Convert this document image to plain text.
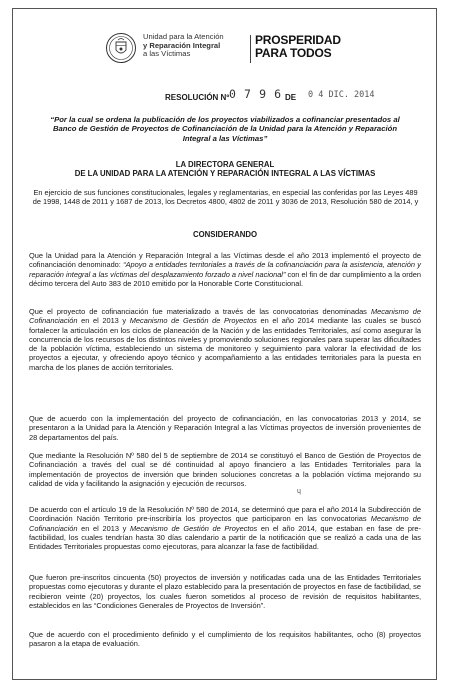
Unidad para la Atención
y Reparación Integral
a las Víctimas
PROSPERIDAD
PARA TODOS
RESOLUCIÓN Nº 0 7 9 6 DE 0 4 DIC. 2014
“Por la cual se ordena la publicación de los proyectos viabilizados a cofinanciar presentados al Banco de Gestión de Proyectos de Cofinanciación de la Unidad para la Atención y Reparación Integral a las Víctimas”
LA DIRECTORA GENERAL
DE LA UNIDAD PARA LA ATENCIÓN Y REPARACIÓN INTEGRAL A LAS VÍCTIMAS
En ejercicio de sus funciones constitucionales, legales y reglamentarias, en especial las conferidas por las Leyes 489 de 1998, 1448 de 2011 y 1687 de 2013, los Decretos 4800, 4802 de 2011 y 3036 de 2013, Resolución 580 de 2014, y
CONSIDERANDO

Que la Unidad para la Atención y Reparación Integral a las Víctimas desde el año 2013 implementó el proyecto de cofinanciación denominado: “Apoyo a entidades territoriales a través de la cofinanciación para la asistencia, atención y reparación integral a las víctimas del desplazamiento forzado a nivel nacional” con el fin de dar cumplimiento a la orden décimo tercera del Auto 383 de 2010 emitido por la Honorable Corte Constitucional.

Que el proyecto de cofinanciación fue materializado a través de las convocatorias denominadas Mecanismo de Cofinanciación en el 2013 y Mecanismo de Gestión de Proyectos en el año 2014 mediante las cuales se buscó fortalecer la articulación en los ciclos de planeación de la Nación y de las entidades Territoriales, así como asegurar la concurrencia de los recursos de los distintos niveles y promoviendo soluciones regionales para superar las dificultades de la población víctima, estableciendo un sistema de monitoreo y seguimiento para valorar la efectividad de los proyectos a ejecutar, y ofreciendo apoyo técnico y acompañamiento a las entidades territoriales para la puesta en marcha de los planes de acción territoriales.

Que de acuerdo con la implementación del proyecto de cofinanciación, en las convocatorias 2013 y 2014, se presentaron a la Unidad para la Atención y Reparación Integral a las Víctimas proyectos de inversión provenientes de 28 departamentos del país.

Que mediante la Resolución Nº 580 del 5 de septiembre de 2014 se constituyó el Banco de Gestión de Proyectos de Cofinanciación a través del cual se dé continuidad al apoyo financiero a las Entidades Territoriales para la implementación de proyectos de inversión que brinden soluciones concretas a la población víctima mejorando su calidad de vida y facilitando la asignación y ejecución de recursos.

ɥ

De acuerdo con el artículo 19 de la Resolución Nº 580 de 2014, se determinó que para el año 2014 la Subdirección de Coordinación Nación Territorio pre-inscribiría los proyectos que participaron en las convocatorias Mecanismo de Cofinanciación en el 2013 y Mecanismo de Gestión de Proyectos en el año 2014, que estaban en fase de pre-factibilidad, los cuales tendrían hasta 30 días calendario a partir de la notificación que se realizó a cada una de las Entidades Territoriales propuestas como ejecutoras, para alcanzar la fase de factibilidad.

Que fueron pre-inscritos cincuenta (50) proyectos de inversión y notificadas cada una de las Entidades Territoriales propuestas como ejecutoras y durante el plazo establecido para la presentación de proyectos en fase de factibilidad, se recibieron veinte (20) proyectos, los cuales fueron sometidos al proceso de revisión de requisitos habilitantes, establecidos en las “Condiciones Generales de Proyectos de Inversión”.

Que de acuerdo con el procedimiento definido y el cumplimiento de los requisitos habilitantes, ocho (8) proyectos pasaron a la etapa de evaluación.
